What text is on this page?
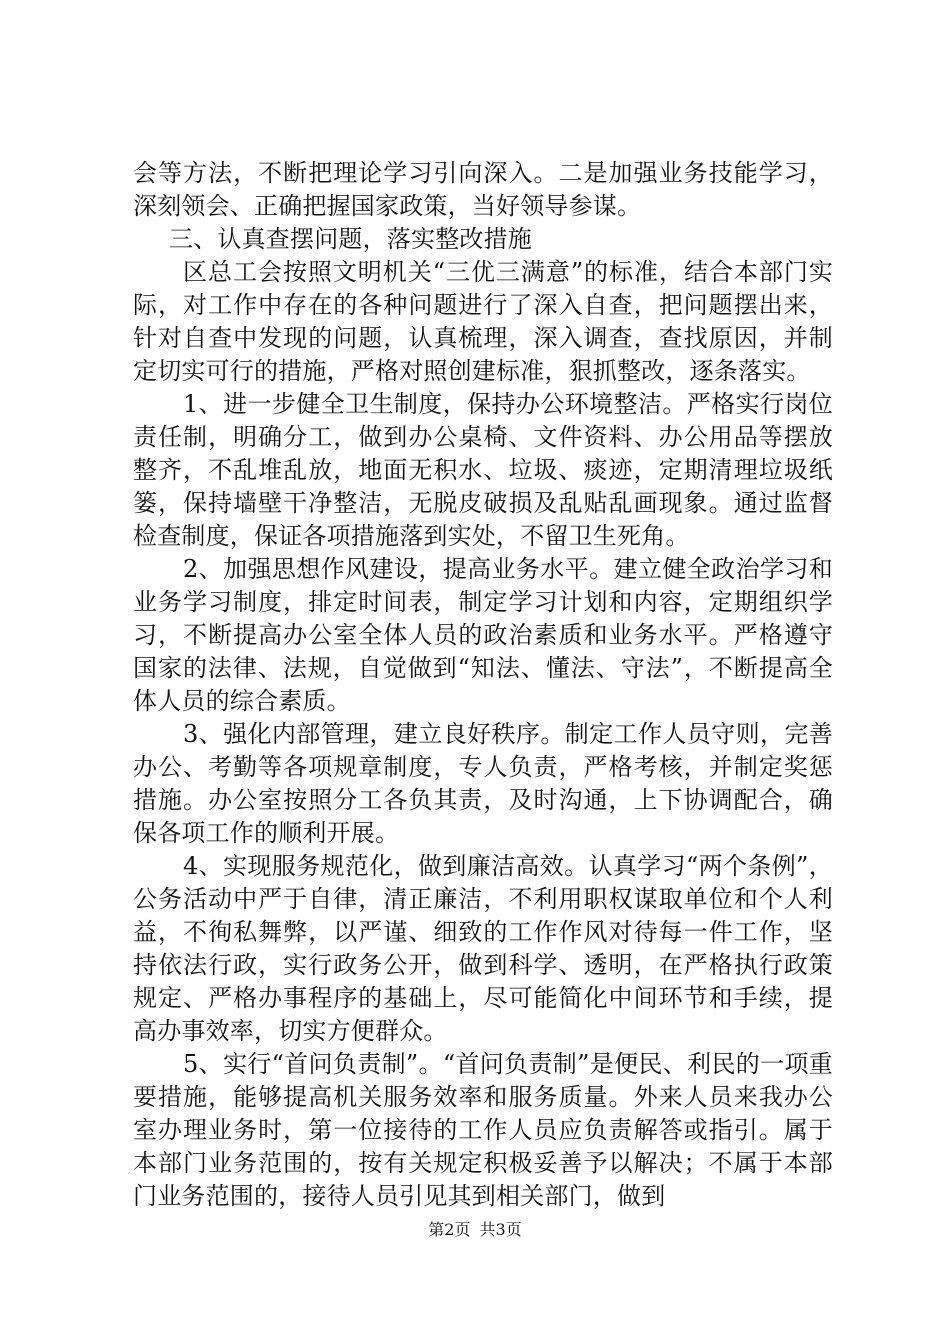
会等方法，不断把理论学习引向深入。二是加强业务技能学习，深刻领会、正确把握国家政策，当好领导参谋。

三、认真查摆问题，落实整改措施

区总工会按照文明机关“三优三满意”的标准，结合本部门实际，对工作中存在的各种问题进行了深入自查，把问题摆出来，针对自查中发现的问题，认真梳理，深入调查，查找原因，并制定切实可行的措施，严格对照创建标准，狠抓整改，逐条落实。

1、进一步健全卫生制度，保持办公环境整洁。严格实行岗位责任制，明确分工，做到办公桌椅、文件资料、办公用品等摆放整齐，不乱堆乱放，地面无积水、垃圾、痰迹，定期清理垃圾纸篓，保持墙壁干净整洁，无脱皮破损及乱贴乱画现象。通过监督检查制度，保证各项措施落到实处，不留卫生死角。

2、加强思想作风建设，提高业务水平。建立健全政治学习和业务学习制度，排定时间表，制定学习计划和内容，定期组织学习，不断提高办公室全体人员的政治素质和业务水平。严格遵守国家的法律、法规，自觉做到“知法、懂法、守法”，不断提高全体人员的综合素质。

3、强化内部管理，建立良好秩序。制定工作人员守则，完善办公、考勤等各项规章制度，专人负责，严格考核，并制定奖惩措施。办公室按照分工各负其责，及时沟通，上下协调配合，确保各项工作的顺利开展。

4、实现服务规范化，做到廉洁高效。认真学习“两个条例”，公务活动中严于自律，清正廉洁，不利用职权谋取单位和个人利益，不徇私舞弊，以严谨、细致的工作作风对待每一件工作，坚持依法行政，实行政务公开，做到科学、透明，在严格执行政策规定、严格办事程序的基础上，尽可能简化中间环节和手续，提高办事效率，切实方便群众。

5、实行“首问负责制”。“首问负责制”是便民、利民的一项重要措施，能够提高机关服务效率和服务质量。外来人员来我办公室办理业务时，第一位接待的工作人员应负责解答或指引。属于本部门业务范围的，按有关规定积极妥善予以解决；不属于本部门业务范围的，接待人员引见其到相关部门，做到

第2页 共3页
